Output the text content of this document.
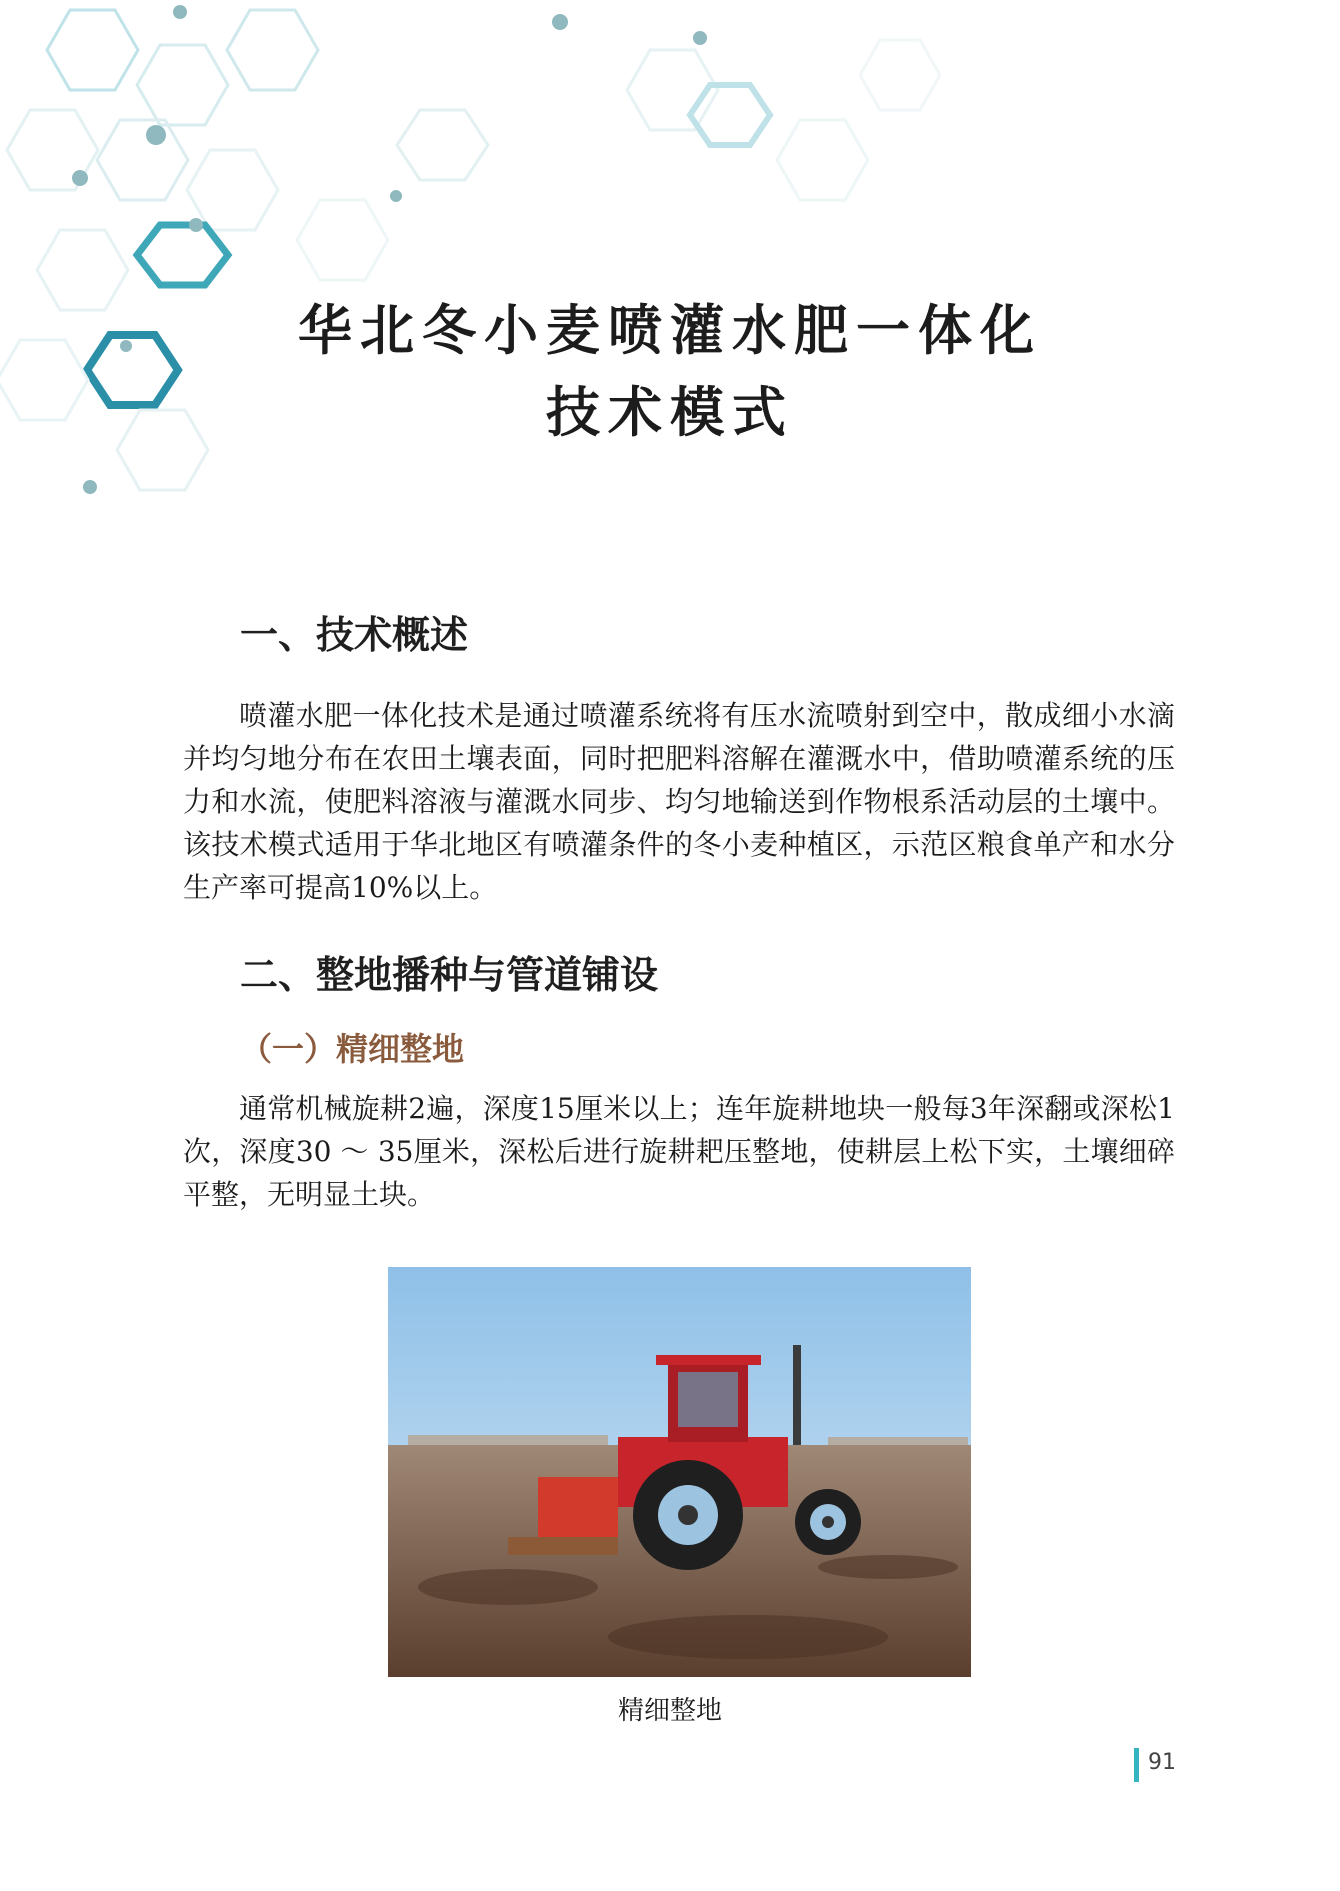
华北冬小麦喷灌水肥一体化
技术模式
一、技术概述
喷灌水肥一体化技术是通过喷灌系统将有压水流喷射到空中，散成细小水滴并均匀地分布在农田土壤表面，同时把肥料溶解在灌溉水中，借助喷灌系统的压力和水流，使肥料溶液与灌溉水同步、均匀地输送到作物根系活动层的土壤中。该技术模式适用于华北地区有喷灌条件的冬小麦种植区，示范区粮食单产和水分生产率可提高10%以上。
二、整地播种与管道铺设
（一）精细整地
通常机械旋耕2遍，深度15厘米以上；连年旋耕地块一般每3年深翻或深松1次，深度30 ～ 35厘米，深松后进行旋耕耙压整地，使耕层上松下实，土壤细碎平整，无明显土块。
精细整地
91
